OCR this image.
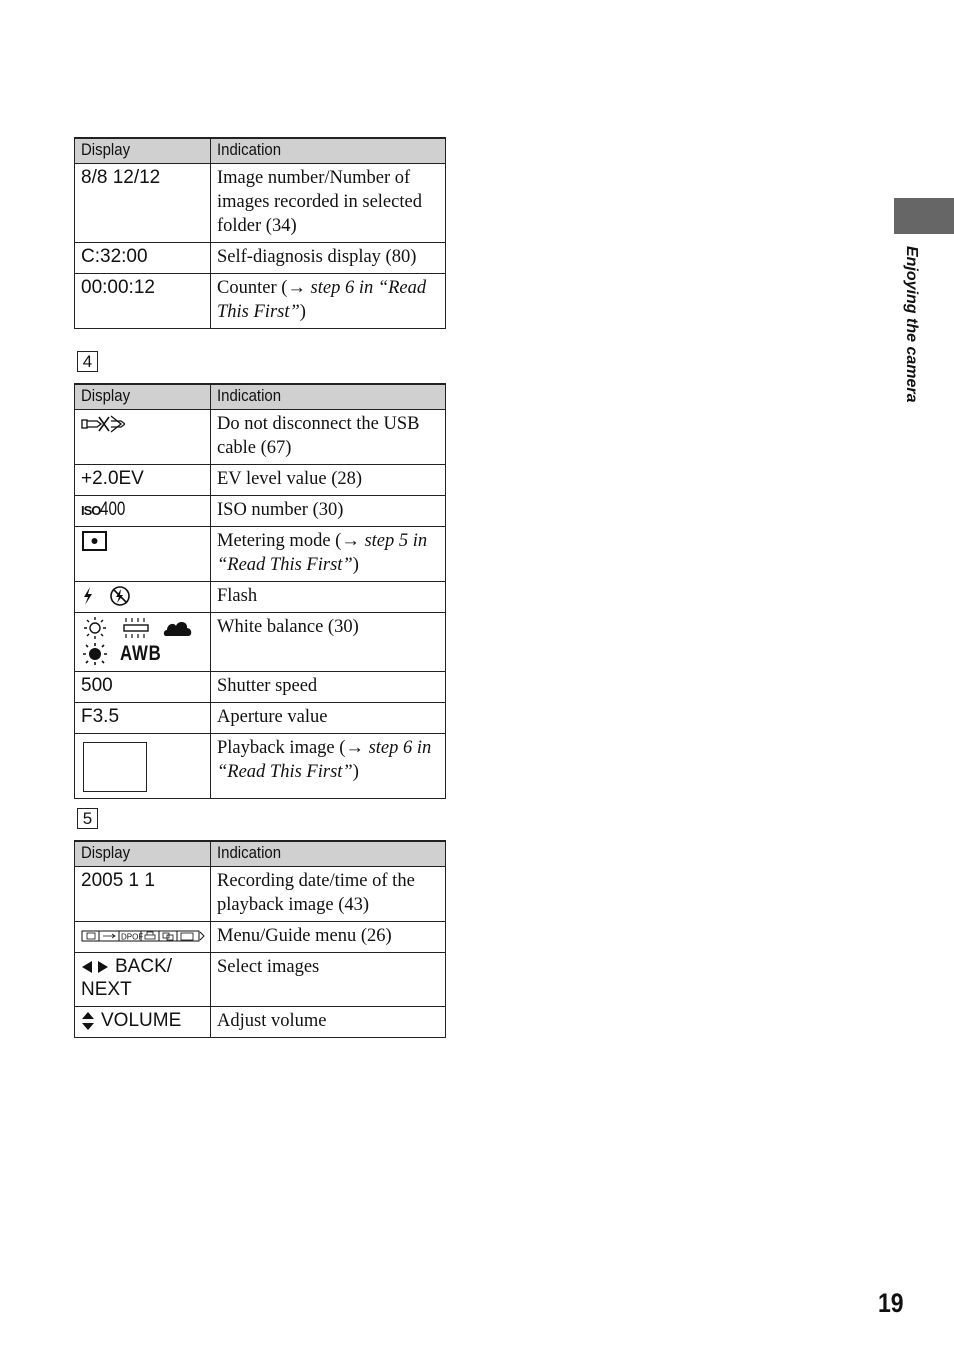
Display	Indication
8/8 12/12	Image number/Number of images recorded in selected folder (34)
C:32:00	Self-diagnosis display (80)
00:00:12	Counter (→ step 6 in “Read This First”)
4
Display	Indication
	Do not disconnect the USB cable (67)
+2.0EV	EV level value (28)
ISO400	ISO number (30)
	Metering mode (→ step 5 in “Read This First”)
	Flash

AWB	White balance (30)
500	Shutter speed
F3.5	Aperture value

	Playback image (→ step 6 in “Read This First”)
5
Display	Indication
2005 1 1	Recording date/time of the playback image (43)

DPOF	Menu/Guide menu (26)
BACK/ NEXT	Select images
VOLUME	Adjust volume
Enjoying the camera
19
